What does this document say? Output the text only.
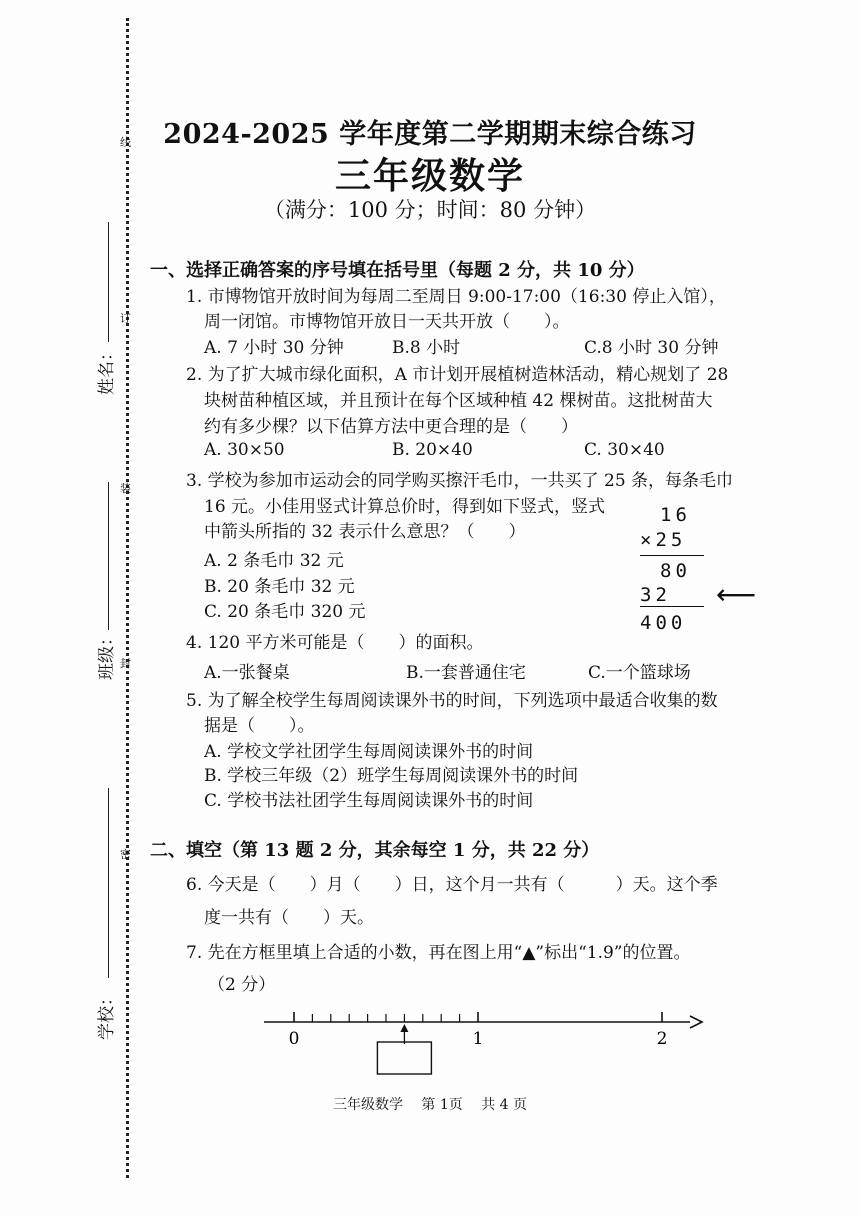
线
订
装
封
密
姓名：
班级：
学校：
2024-2025 学年度第二学期期末综合练习
三年级数学
（满分：100 分；时间：80 分钟）
一、选择正确答案的序号填在括号里（每题 2 分，共 10 分）
1. 市博物馆开放时间为每周二至周日 9:00-17:00（16:30 停止入馆），
周一闭馆。市博物馆开放日一天共开放（　　）。
A. 7 小时 30 分钟	B.8 小时	C.8 小时 30 分钟
2. 为了扩大城市绿化面积，A 市计划开展植树造林活动，精心规划了 28
块树苗种植区域，并且预计在每个区域种植 42 棵树苗。这批树苗大
约有多少棵？以下估算方法中更合理的是（　　）
A. 30×50	B. 20×40	C. 30×40
3. 学校为参加市运动会的同学购买擦汗毛巾，一共买了 25 条，每条毛巾
16 元。小佳用竖式计算总价时，得到如下竖式，竖式
中箭头所指的 32 表示什么意思？（　　）
A. 2 条毛巾 32 元
B. 20 条毛巾 32 元
C. 20 条毛巾 320 元
16
×25
80
32
400
⟵
4. 120 平方米可能是（　　）的面积。
A.一张餐桌	B.一套普通住宅	C.一个篮球场
5. 为了解全校学生每周阅读课外书的时间，下列选项中最适合收集的数
据是（　　）。
A. 学校文学社团学生每周阅读课外书的时间
B. 学校三年级（2）班学生每周阅读课外书的时间
C. 学校书法社团学生每周阅读课外书的时间
二、填空（第 13 题 2 分，其余每空 1 分，共 22 分）
6. 今天是（　　）月（　　）日，这个月一共有（　　　）天。这个季
度一共有（　　）天。
7. 先在方框里填上合适的小数，再在图上用“▲”标出“1.9”的位置。
（2 分）
0	1	2
三年级数学　 第 1页　 共 4 页
